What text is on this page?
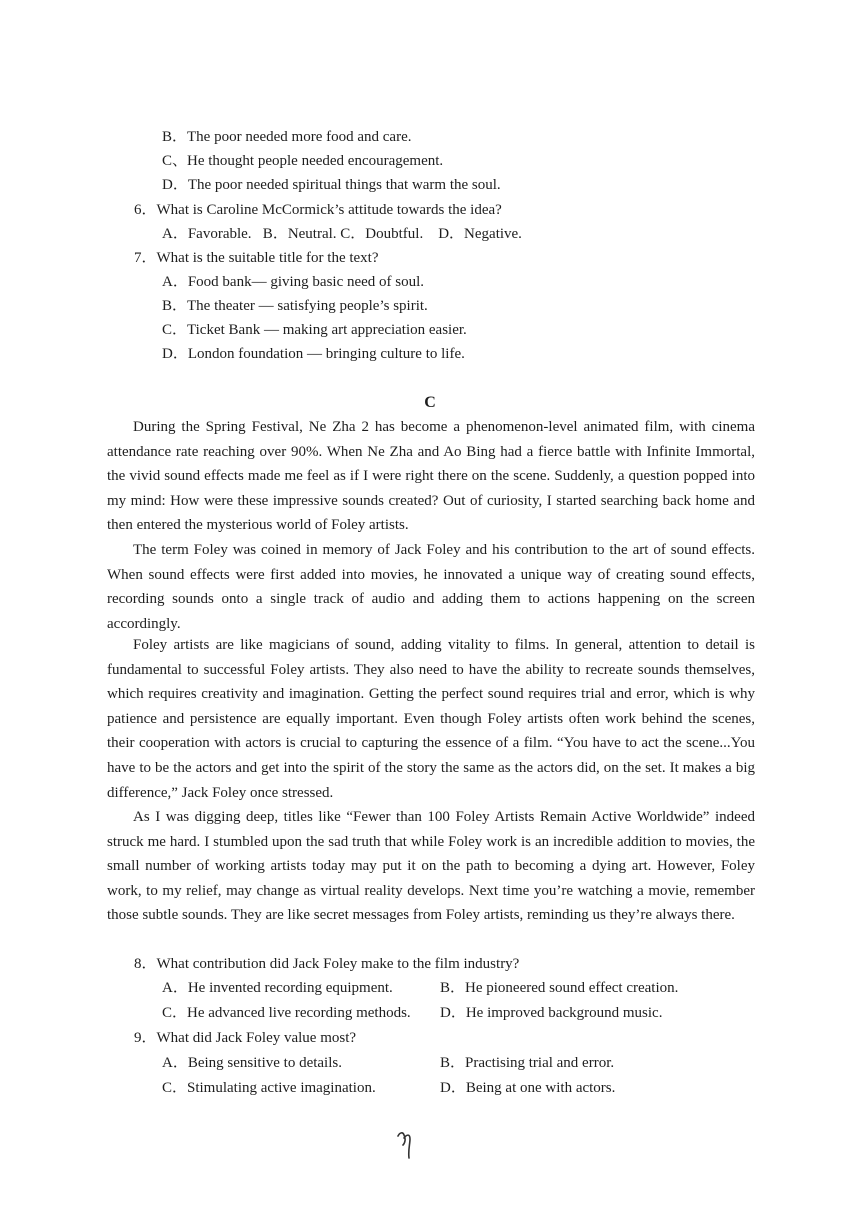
B．The poor needed more food and care.
C、He thought people needed encouragement.
D．The poor needed spiritual things that warm the soul.
6．What is Caroline McCormick’s attitude towards the idea?
A．Favorable.   B．Neutral. C．Doubtful.    D．Negative.
7．What is the suitable title for the text?
A．Food bank— giving basic need of soul.
B．The theater — satisfying people’s spirit.
C．Ticket Bank — making art appreciation easier.
D．London foundation — bringing culture to life.
C

During the Spring Festival, Ne Zha 2 has become a phenomenon-level animated film, with cinema attendance rate reaching over 90%. When Ne Zha and Ao Bing had a fierce battle with Infinite Immortal, the vivid sound effects made me feel as if I were right there on the scene. Suddenly, a question popped into my mind: How were these impressive sounds created? Out of curiosity, I started searching back home and then entered the mysterious world of Foley artists.

The term Foley was coined in memory of Jack Foley and his contribution to the art of sound effects. When sound effects were first added into movies, he innovated a unique way of creating sound effects, recording sounds onto a single track of audio and adding them to actions happening on the screen accordingly.

Foley artists are like magicians of sound, adding vitality to films. In general, attention to detail is fundamental to successful Foley artists. They also need to have the ability to recreate sounds themselves, which requires creativity and imagination. Getting the perfect sound requires trial and error, which is why patience and persistence are equally important. Even though Foley artists often work behind the scenes, their cooperation with actors is crucial to capturing the essence of a film. “You have to act the scene...You have to be the actors and get into the spirit of the story the same as the actors did, on the set. It makes a big difference,” Jack Foley once stressed.

As I was digging deep, titles like “Fewer than 100 Foley Artists Remain Active Worldwide” indeed struck me hard. I stumbled upon the sad truth that while Foley work is an incredible addition to movies, the small number of working artists today may put it on the path to becoming a dying art. However, Foley work, to my relief, may change as virtual reality develops. Next time you’re watching a movie, remember those subtle sounds. They are like secret messages from Foley artists, reminding us they’re always there.

8．What contribution did Jack Foley make to the film industry?
A．He invented recording equipment.	B．He pioneered sound effect creation.
C．He advanced live recording methods. D．He improved background music.
9．What did Jack Foley value most?
A．Being sensitive to details.	B．Practising trial and error.
C．Stimulating active imagination.	D．Being at one with actors.
